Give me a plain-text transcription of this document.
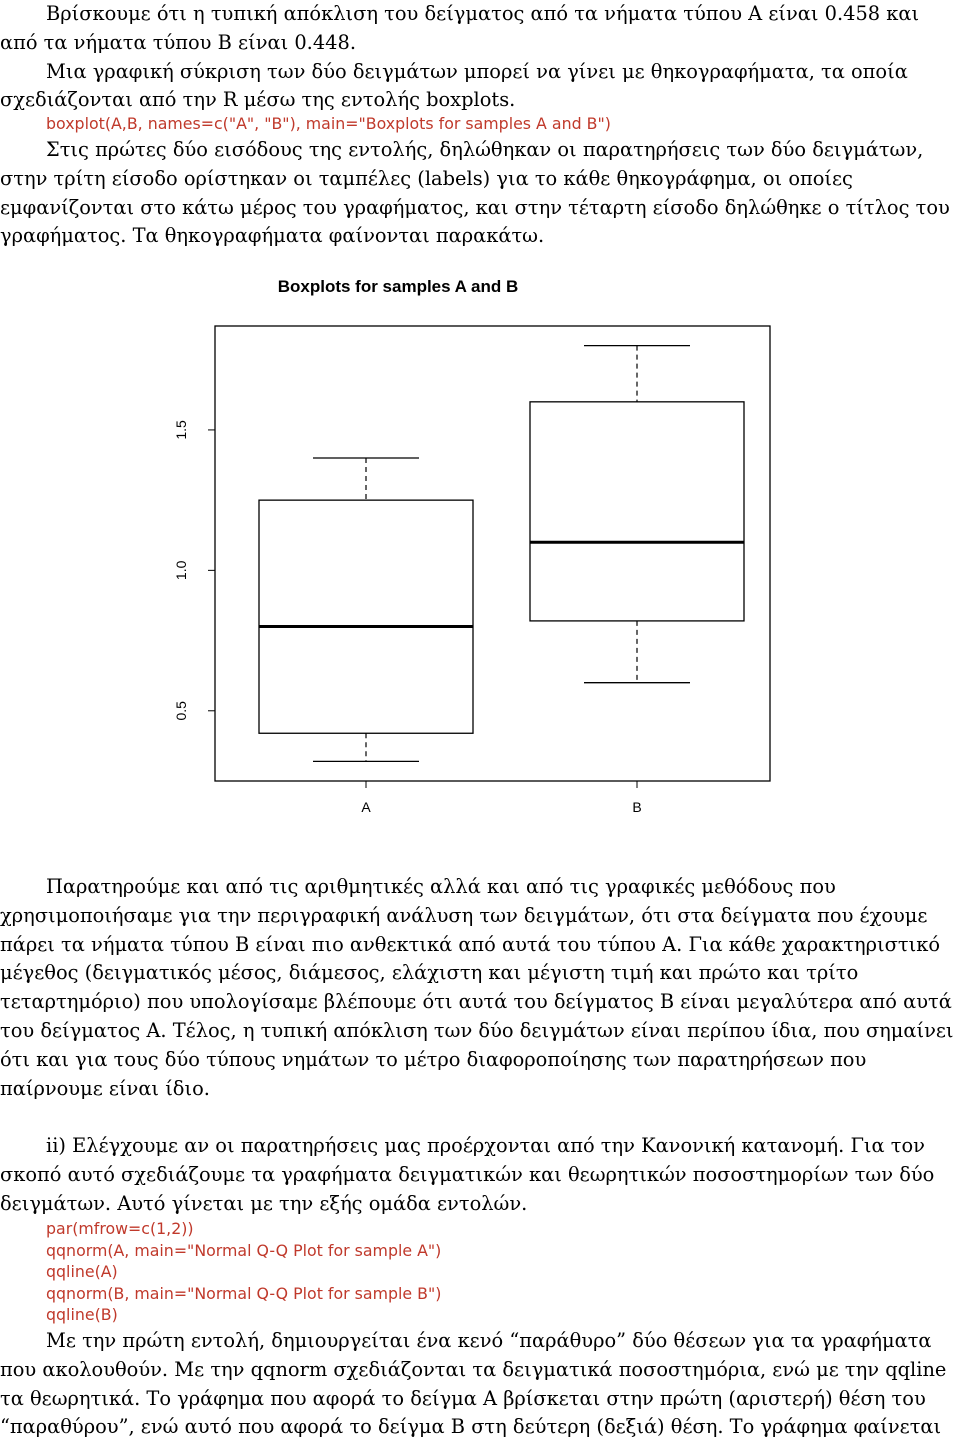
Βρίσκουμε ότι η τυπική απόκλιση του δείγματος από τα νήματα τύπου Α είναι 0.458 και
από τα νήματα τύπου Β είναι 0.448.
Μια γραφική σύκριση των δύο δειγμάτων μπορεί να γίνει με θηκογραφήματα, τα οποία
σχεδιάζονται από την R μέσω της εντολής boxplots.
boxplot(A,B, names=c("A", "B"), main="Boxplots for samples A and B")
Στις πρώτες δύο εισόδους της εντολής, δηλώθηκαν οι παρατηρήσεις των δύο δειγμάτων,
στην τρίτη είσοδο ορίστηκαν οι ταμπέλες (labels) για το κάθε θηκογράφημα, οι οποίες
εμφανίζονται στο κάτω μέρος του γραφήματος, και στην τέταρτη είσοδο δηλώθηκε ο τίτλος του
γραφήματος. Τα θηκογραφήματα φαίνονται παρακάτω.
Boxplots for samples A and B
0.5
1.0
1.5
A	B
Παρατηρούμε και από τις αριθμητικές αλλά και από τις γραφικές μεθόδους που
χρησιμοποιήσαμε για την περιγραφική ανάλυση των δειγμάτων, ότι στα δείγματα που έχουμε
πάρει τα νήματα τύπου Β είναι πιο ανθεκτικά από αυτά του τύπου Α. Για κάθε χαρακτηριστικό
μέγεθος (δειγματικός μέσος, διάμεσος, ελάχιστη και μέγιστη τιμή και πρώτο και τρίτο
τεταρτημόριο) που υπολογίσαμε βλέπουμε ότι αυτά του δείγματος Β είναι μεγαλύτερα από αυτά
του δείγματος Α. Τέλος, η τυπική απόκλιση των δύο δειγμάτων είναι περίπου ίδια, που σημαίνει
ότι και για τους δύο τύπους νημάτων το μέτρο διαφοροποίησης των παρατηρήσεων που
παίρνουμε είναι ίδιο.
ii) Ελέγχουμε αν οι παρατηρήσεις μας προέρχονται από την Κανονική κατανομή. Για τον
σκοπό αυτό σχεδιάζουμε τα γραφήματα δειγματικών και θεωρητικών ποσοστημορίων των δύο
δειγμάτων. Αυτό γίνεται με την εξής ομάδα εντολών.
par(mfrow=c(1,2))
qqnorm(A, main="Normal Q-Q Plot for sample A")
qqline(A)
qqnorm(B, main="Normal Q-Q Plot for sample B")
qqline(B)
Με την πρώτη εντολή, δημιουργείται ένα κενό “παράθυρο” δύο θέσεων για τα γραφήματα
που ακολουθούν. Με την qqnorm σχεδιάζονται τα δειγματικά ποσοστημόρια, ενώ με την qqline
τα θεωρητικά. Το γράφημα που αφορά το δείγμα Α βρίσκεται στην πρώτη (αριστερή) θέση του
“παραθύρου”, ενώ αυτό που αφορά το δείγμα Β στη δεύτερη (δεξιά) θέση. Το γράφημα φαίνεται
